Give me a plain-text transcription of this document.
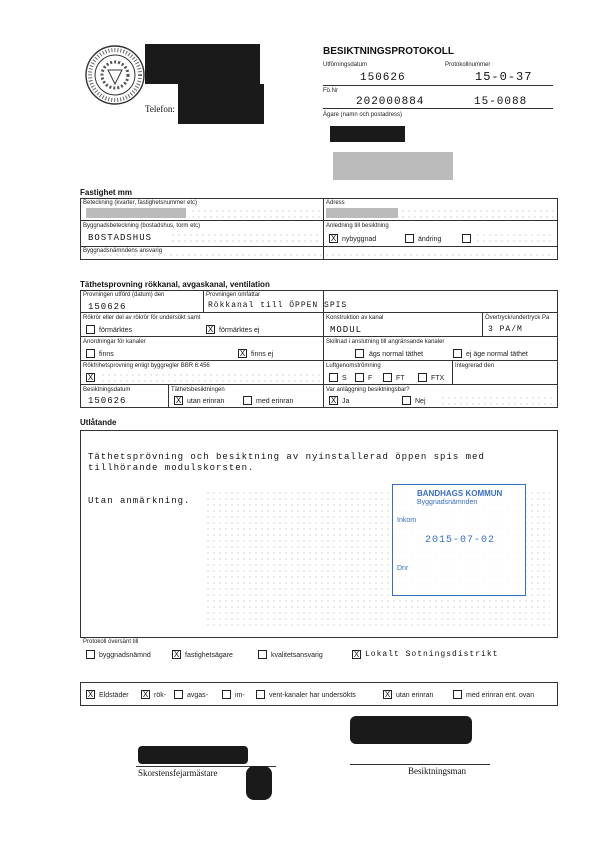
Telefon:
BESIKTNINGSPROTOKOLL
Utförningsdatum	Protokollnummer
150626	15-0-37
Fö.Nr
202000884	15-0088
Ägare (namn och postadress)
Fastighet mm
Beteckning (kvarter, fastighetsnummer etc)	Adress
Byggnadsbeteckning (bostadshus, torm etc)
BOSTADSHUS
Anledning till besiktning
X nybyggnad	ändring
Byggnadsnämndens ansvarig
Täthetsprovning rökkanal, avgaskanal, ventilation
Provningen utförd (datum) den
150626
Provningen omfattar
Rökkanal till ÖPPEN SPIS
Rökrör eller del av rökrör för undersökt samt
förmärktes	X förmärktes ej
Konstruktion av kanal
MODUL
Övertryck/undertryck Pa
3 PA/M
Anordningar för kanaler
finns	X finns ej
Skillnad i anslutning till angränsande kanaler
ägs normal täthet	ej äge normal täthet
Rökfrihetsprovning enligt byggregler BBR 6:456
X
Luftgenomströmning
S	F	FT	FTX
Integrerad den
Besiktningsdatum
150626
Täthetsbesiktningen
X utan erinran	med erinran
Var anläggning besiktningsbar?
X Ja	Nej
Utlåtande
Täthetsprövning och besiktning av nyinstallerad öppen spis med
tillhörande modulskorsten.
Utan anmärkning.
BANDHAGS KOMMUN
Byggnadsnämnden
Inkom
2015-07-02
Dnr
Protokoll översänt till
byggnadsnämnd	X fastighetsägare	kvalitetsansvarig	X Lokalt Sotningsdistrikt
X Eldstäder X rök-	avgas-	im-	vent-kanaler har undersökts	X utan erinran	med erinran ent. ovan
Skorstensfejarmästare	Besiktningsman
